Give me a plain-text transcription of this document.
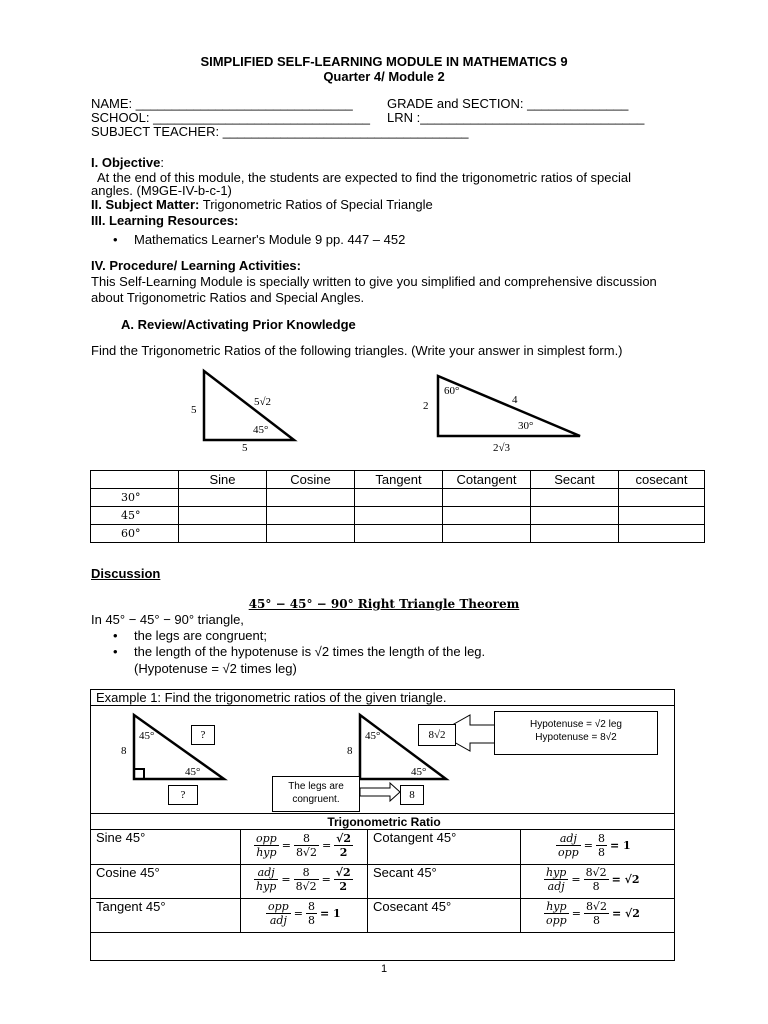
SIMPLIFIED SELF-LEARNING MODULE IN MATHEMATICS 9
Quarter 4/ Module 2
NAME: ______________________________	GRADE and SECTION: ______________
SCHOOL: ______________________________ LRN :_______________________________
SUBJECT TEACHER: __________________________________
I. Objective:
At the end of this module, the students are expected to find the trigonometric ratios of special
angles. (M9GE-IV-b-c-1)
II. Subject Matter: Trigonometric Ratios of Special Triangle
III. Learning Resources:
• Mathematics Learner's Module 9 pp. 447 – 452
IV. Procedure/ Learning Activities:
This Self-Learning Module is specially written to give you simplified and comprehensive discussion
about Trigonometric Ratios and Special Angles.
A. Review/Activating Prior Knowledge
Find the Trigonometric Ratios of the following triangles. (Write your answer in simplest form.)
5
5
5√2
45°
2
2√3
4
60°
30°
	Sine	Cosine	Tangent	Cotangent	Secant	cosecant
30°						
45°						
60°						
Discussion
45° − 45° − 90° Right Triangle Theorem
In 45° − 45° − 90° triangle,
• the legs are congruent;
• the length of the hypotenuse is √2 times the length of the leg.
(Hypotenuse = √2 times leg)
Example 1: Find the trigonometric ratios of the given triangle.
45°
45°
8
?
?
45°
45°
8
8√2
8
Hypotenuse = √2 leg
Hypotenuse = 8√2
The legs are
congruent.
Trigonometric Ratio
Sine 45°	$\frac{\text{opp}}{\text{hyp}} = \frac{8}{8√2} = \frac{√2}{2}$ Cotangent 45°	$\frac{\text{adj}}{\text{opp}} = \frac{8}{8} = 1$
Cosine 45°	$\frac{\text{adj}}{\text{hyp}} = \frac{8}{8√2} = \frac{√2}{2}$ Secant 45°	$\frac{\text{hyp}}{\text{adj}} = \frac{8√2}{8} = √2$
Tangent 45°	$\frac{\text{opp}}{\text{adj}} = \frac{8}{8} = 1$ Cosecant 45°	$\frac{\text{hyp}}{\text{opp}} = \frac{8√2}{8} = √2$
1
